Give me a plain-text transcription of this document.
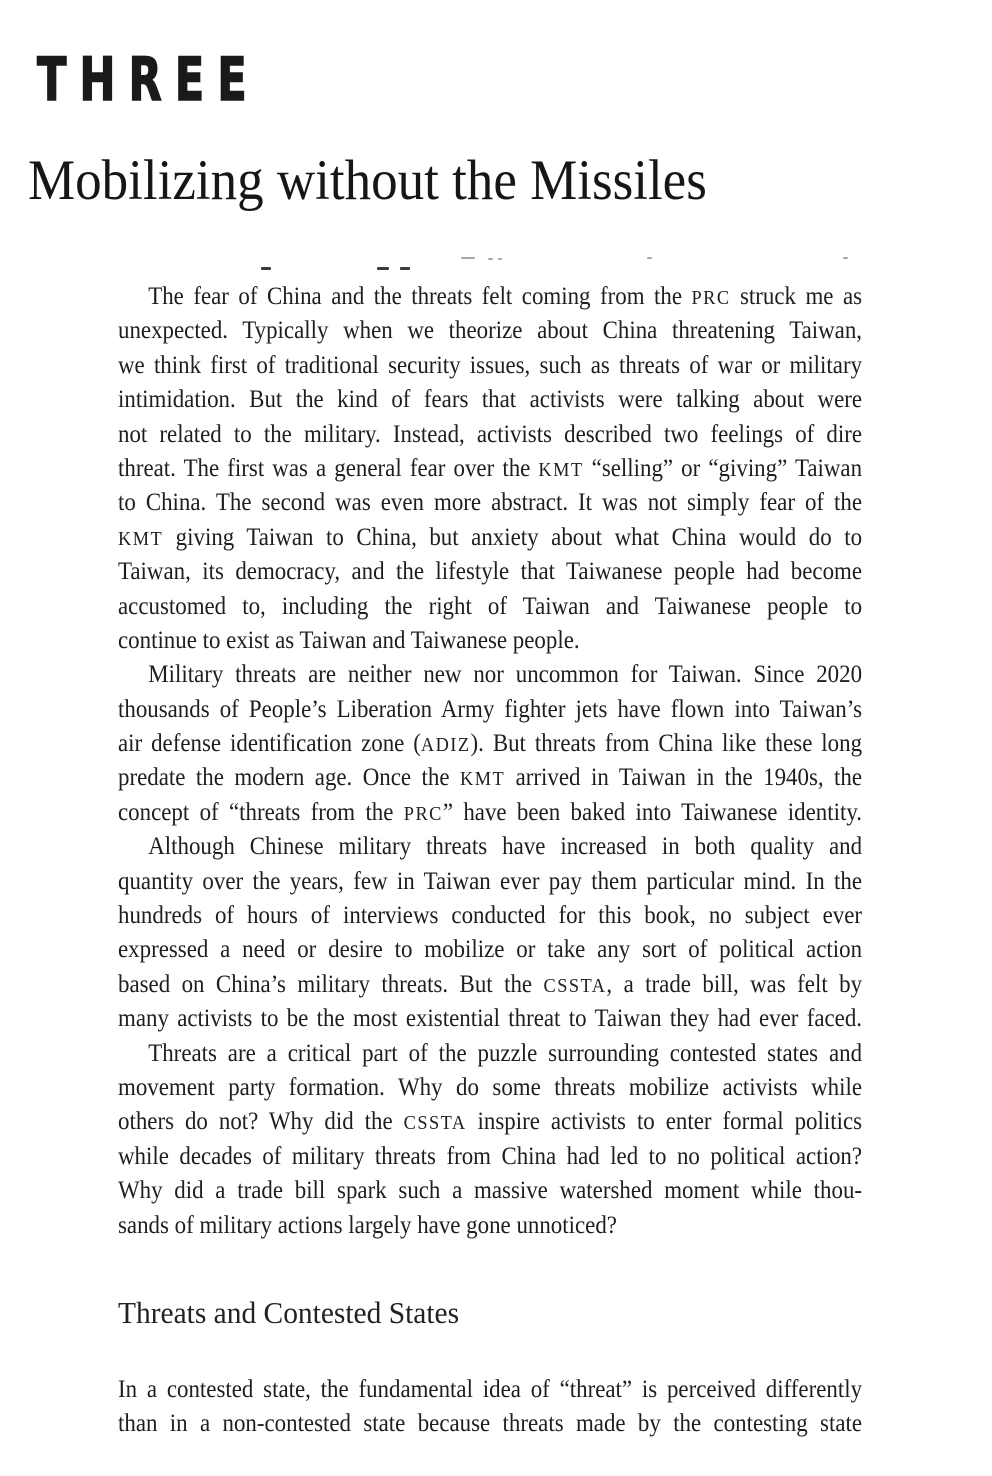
THREE
Mobilizing without the Missiles
The fear of China and the threats felt coming from the PRC struck me as
unexpected. Typically when we theorize about China threatening Taiwan,
we think first of traditional security issues, such as threats of war or military
intimidation. But the kind of fears that activists were talking about were
not related to the military. Instead, activists described two feelings of dire
threat. The first was a general fear over the KMT “selling” or “giving” Taiwan
to China. The second was even more abstract. It was not simply fear of the
KMT giving Taiwan to China, but anxiety about what China would do to
Taiwan, its democracy, and the lifestyle that Taiwanese people had become
accustomed to, including the right of Taiwan and Taiwanese people to
continue to exist as Taiwan and Taiwanese people.
Military threats are neither new nor uncommon for Taiwan. Since 2020
thousands of People’s Liberation Army fighter jets have flown into Taiwan’s
air defense identification zone (ADIZ). But threats from China like these long
predate the modern age. Once the KMT arrived in Taiwan in the 1940s, the
concept of “threats from the PRC” have been baked into Taiwanese identity.
Although Chinese military threats have increased in both quality and
quantity over the years, few in Taiwan ever pay them particular mind. In the
hundreds of hours of interviews conducted for this book, no subject ever
expressed a need or desire to mobilize or take any sort of political action
based on China’s military threats. But the CSSTA, a trade bill, was felt by
many activists to be the most existential threat to Taiwan they had ever faced.
Threats are a critical part of the puzzle surrounding contested states and
movement party formation. Why do some threats mobilize activists while
others do not? Why did the CSSTA inspire activists to enter formal politics
while decades of military threats from China had led to no political action?
Why did a trade bill spark such a massive watershed moment while thou-
sands of military actions largely have gone unnoticed?
Threats and Contested States
In a contested state, the fundamental idea of “threat” is perceived differently
than in a non-contested state because threats made by the contesting state
